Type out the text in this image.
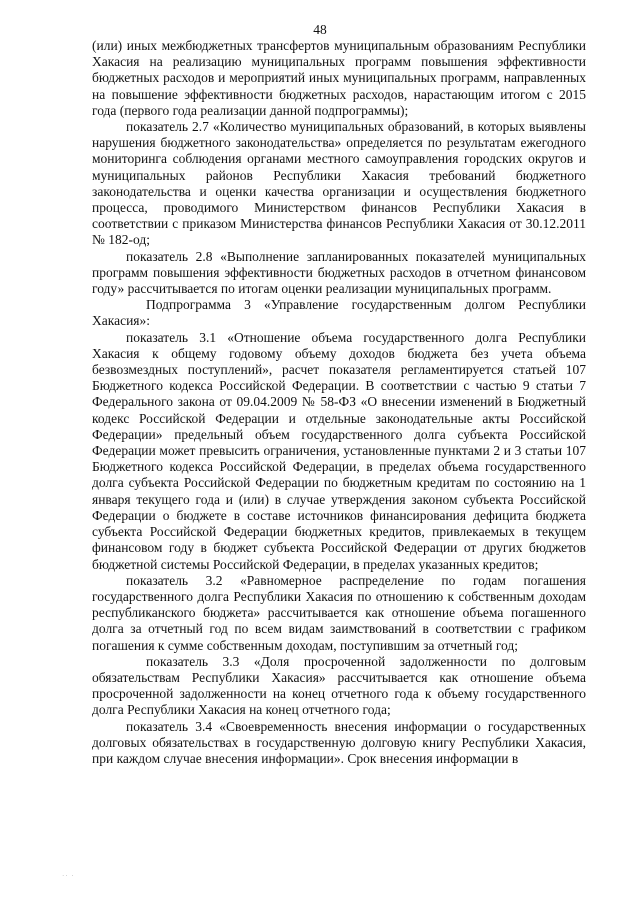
48

(или) иных межбюджетных трансфертов муниципальным образованиям Республики Хакасия на реализацию муниципальных программ повышения эффективности бюджетных расходов и мероприятий иных муниципальных программ, направленных на повышение эффективности бюджетных расходов, нарастающим итогом с 2015 года (первого года реализации данной подпрограммы);

показатель 2.7 «Количество муниципальных образований, в которых выявлены нарушения бюджетного законодательства» определяется по результатам ежегодного мониторинга соблюдения органами местного самоуправления городских округов и муниципальных районов Республики Хакасия требований бюджетного законодательства и оценки качества организации и осуществления бюджетного процесса, проводимого Министерством финансов Республики Хакасия в соответствии с приказом Министерства финансов Республики Хакасия от 30.12.2011 № 182-од;

показатель 2.8 «Выполнение запланированных показателей муниципальных программ повышения эффективности бюджетных расходов в отчетном финансовом году» рассчитывается по итогам оценки реализации муниципальных программ.

Подпрограмма 3 «Управление государственным долгом Республики Хакасия»:

показатель 3.1 «Отношение объема государственного долга Республики Хакасия к общему годовому объему доходов бюджета без учета объема безвозмездных поступлений», расчет показателя регламентируется статьей 107 Бюджетного кодекса Российской Федерации. В соответствии с частью 9 статьи 7 Федерального закона от 09.04.2009 № 58-ФЗ «О внесении изменений в Бюджетный кодекс Российской Федерации и отдельные законодательные акты Российской Федерации» предельный объем государственного долга субъекта Российской Федерации может превысить ограничения, установленные пунктами 2 и 3 статьи 107 Бюджетного кодекса Российской Федерации, в пределах объема государственного долга субъекта Российской Федерации по бюджетным кредитам по состоянию на 1 января текущего года и (или) в случае утверждения законом субъекта Российской Федерации о бюджете в составе источников финансирования дефицита бюджета субъекта Российской Федерации бюджетных кредитов, привлекаемых в текущем финансовом году в бюджет субъекта Российской Федерации от других бюджетов бюджетной системы Российской Федерации, в пределах указанных кредитов;

показатель 3.2 «Равномерное распределение по годам погашения государственного долга Республики Хакасия по отношению к собственным доходам республиканского бюджета» рассчитывается как отношение объема погашенного долга за отчетный год по всем видам заимствований в соответствии с графиком погашения к сумме собственным доходам, поступившим за отчетный год;

показатель 3.3 «Доля просроченной задолженности по долговым обязательствам Республики Хакасия» рассчитывается как отношение объема просроченной задолженности на конец отчетного года к объему государственного долга Республики Хакасия на конец отчетного года;

показатель 3.4 «Своевременность внесения информации о государственных долговых обязательствах в государственную долговую книгу Республики Хакасия, при каждом случае внесения информации». Срок внесения информации в

·· ·
